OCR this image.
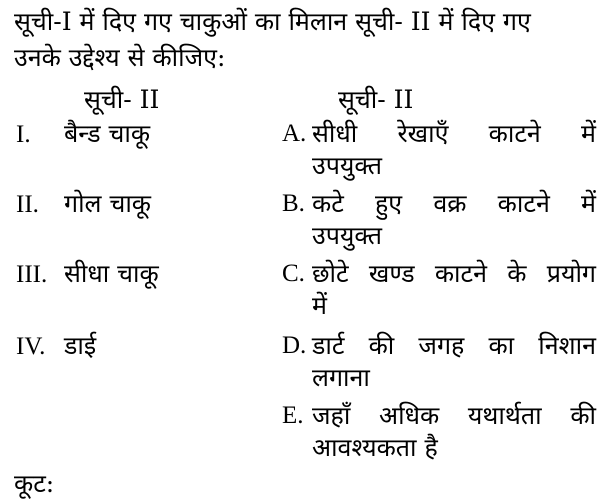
सूची-I में दिए गए चाकुओं का मिलान सूची- II में दिए गए
उनके उद्देश्य से कीजिए:
सूची- II	सूची- II
I. बैन्ड चाकू
II. गोल चाकू
III. सीधा चाकू
IV. डाई
A. सीधी रेखाएँ काटने में
उपयुक्त
B. कटे हुए वक्र काटने में
उपयुक्त
C. छोटे खण्ड काटने के प्रयोग
में
D. डार्ट की जगह का निशान
लगाना
E. जहाँ अधिक यथार्थता की
आवश्यकता है
कूट:
